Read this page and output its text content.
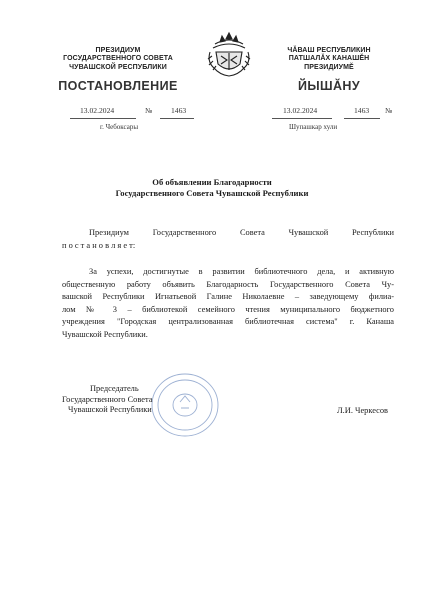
ПРЕЗИДИУМ
ГОСУДАРСТВЕННОГО СОВЕТА
ЧУВАШСКОЙ РЕСПУБЛИКИ
ПОСТАНОВЛЕНИЕ
13.02.2024	№ 1463
г. Чебоксары
ЧĂВАШ РЕСПУБЛИКИН
ПАТШАЛĂХ КАНАШĔН
ПРЕЗИДИУМĔ
ЙЫШĂНУ
13.02.2024	1463 №
Шупашкар хули
Об объявлении Благодарности
Государственного Совета Чувашской Республики
Президиум Государственного Совета Чувашской Республики
п о с т а н о в л я е т:
За успехи, достигнутые в развитии библиотечного дела, и активную
общественную работу объявить Благодарность Государственного Совета Чу-
вашской Республики Игнатьевой Галине Николаевне – заведующему филиа-
лом № 3 – библиотекой семейного чтения муниципального бюджетного
учреждения "Городская централизованная библиотечная система" г. Канаша
Чувашской Республики.
Председатель
Государственного Совета
Чувашской Республики	Л.И. Черкесов
